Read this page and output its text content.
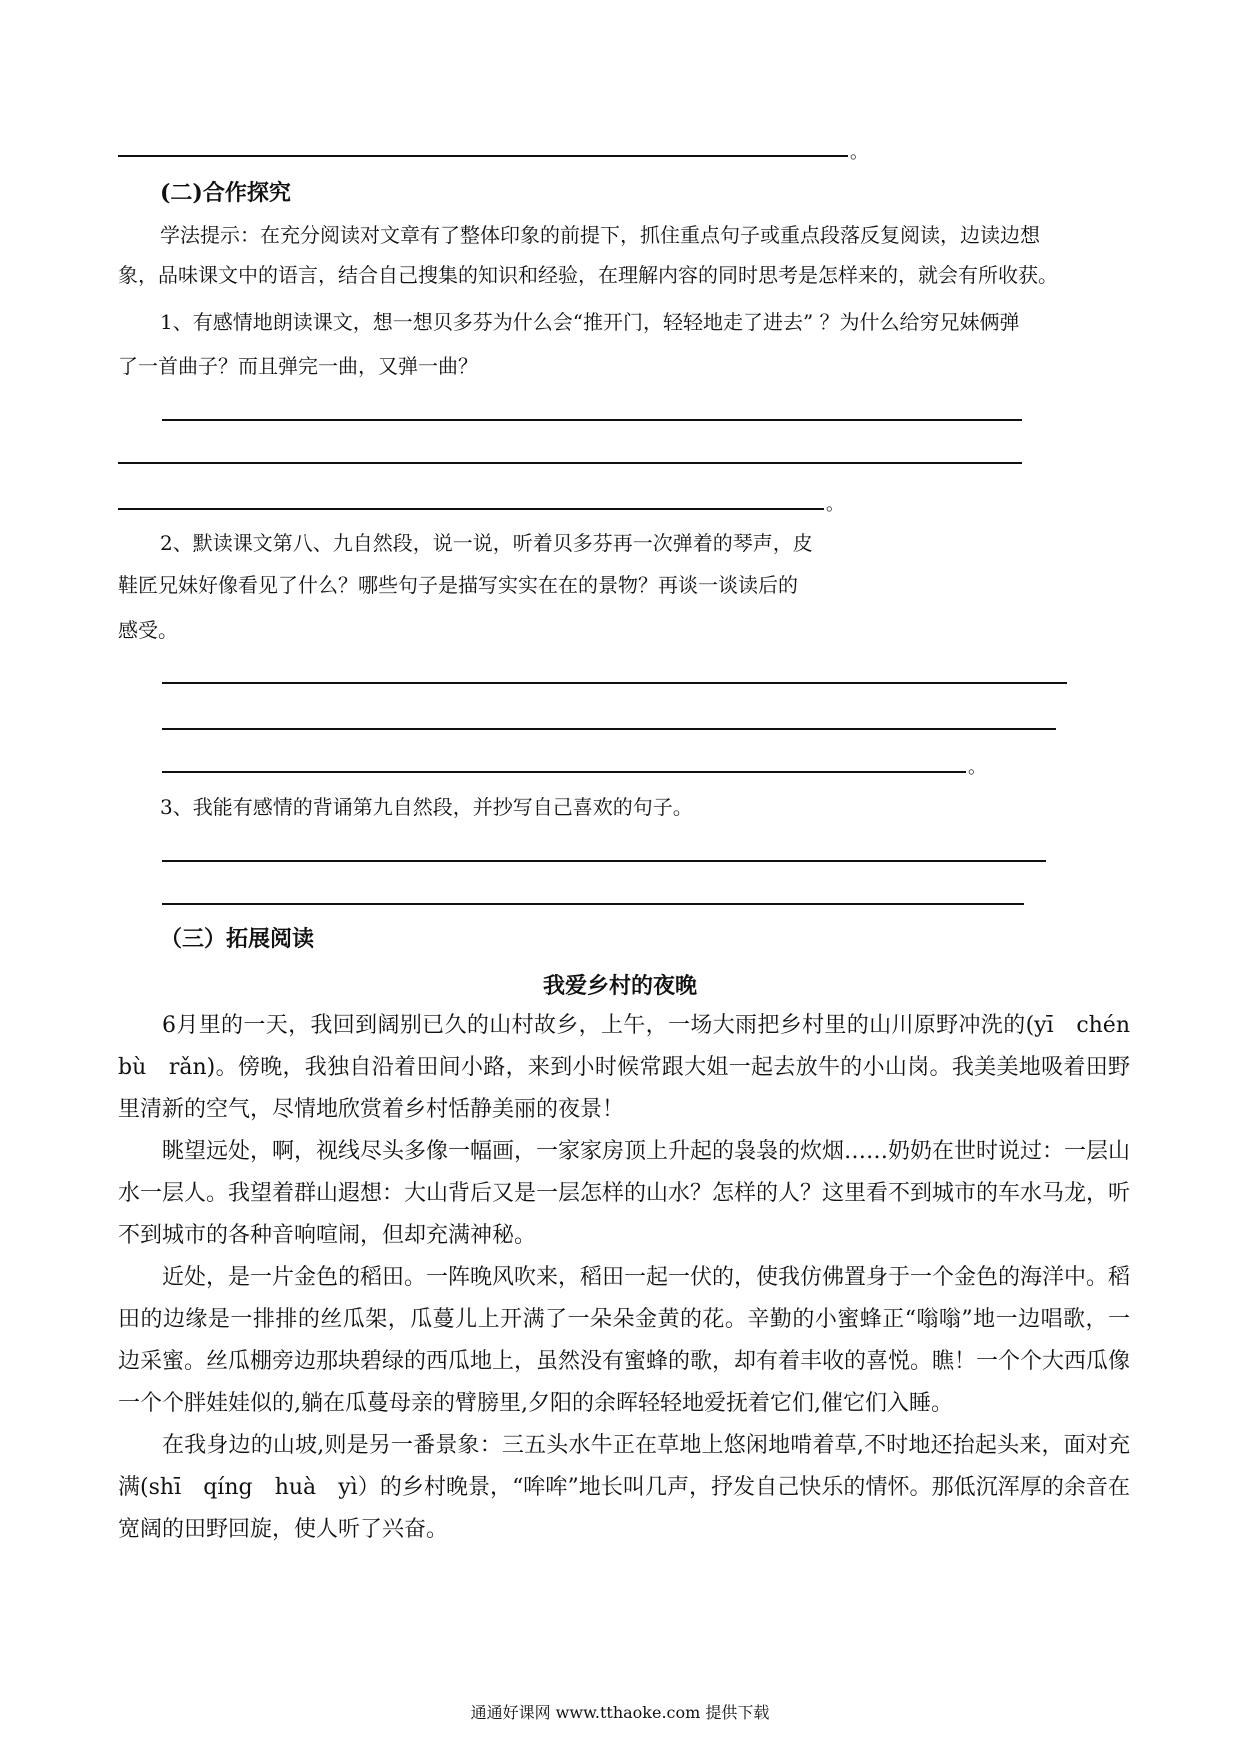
。
(二)合作探究
学法提示：在充分阅读对文章有了整体印象的前提下，抓住重点句子或重点段落反复阅读，边读边想
象，品味课文中的语言，结合自己搜集的知识和经验，在理解内容的同时思考是怎样来的，就会有所收获。
1、有感情地朗读课文，想一想贝多芬为什么会“推开门，轻轻地走了进去” ？为什么给穷兄妹俩弹
了一首曲子？而且弹完一曲，又弹一曲？
。
2、默读课文第八、九自然段，说一说，听着贝多芬再一次弹着的琴声，皮
鞋匠兄妹好像看见了什么？哪些句子是描写实实在在的景物？再谈一谈读后的
感受。
。
3、我能有感情的背诵第九自然段，并抄写自己喜欢的句子。
（三）拓展阅读
我爱乡村的夜晚

6月里的一天，我回到阔别已久的山村故乡，上午，一场大雨把乡村里的山川原野冲洗的(yī　chén　bù　rǎn)。傍晚，我独自沿着田间小路，来到小时候常跟大姐一起去放牛的小山岗。我美美地吸着田野里清新的空气，尽情地欣赏着乡村恬静美丽的夜景！

眺望远处，啊，视线尽头多像一幅画，一家家房顶上升起的袅袅的炊烟……奶奶在世时说过：一层山水一层人。我望着群山遐想：大山背后又是一层怎样的山水？怎样的人？这里看不到城市的车水马龙，听不到城市的各种音响喧闹，但却充满神秘。

近处，是一片金色的稻田。一阵晚风吹来，稻田一起一伏的，使我仿佛置身于一个金色的海洋中。稻田的边缘是一排排的丝瓜架，瓜蔓儿上开满了一朵朵金黄的花。辛勤的小蜜蜂正“嗡嗡”地一边唱歌，一边采蜜。丝瓜棚旁边那块碧绿的西瓜地上，虽然没有蜜蜂的歌，却有着丰收的喜悦。瞧！一个个大西瓜像一个个胖娃娃似的,躺在瓜蔓母亲的臂膀里,夕阳的余晖轻轻地爱抚着它们,催它们入睡。

在我身边的山坡,则是另一番景象：三五头水牛正在草地上悠闲地啃着草,不时地还抬起头来，面对充满(shī　qíng　huà　yì）的乡村晚景，“哞哞”地长叫几声，抒发自己快乐的情怀。那低沉浑厚的余音在宽阔的田野回旋，使人听了兴奋。

通通好课网 www.tthaoke.com 提供下载
